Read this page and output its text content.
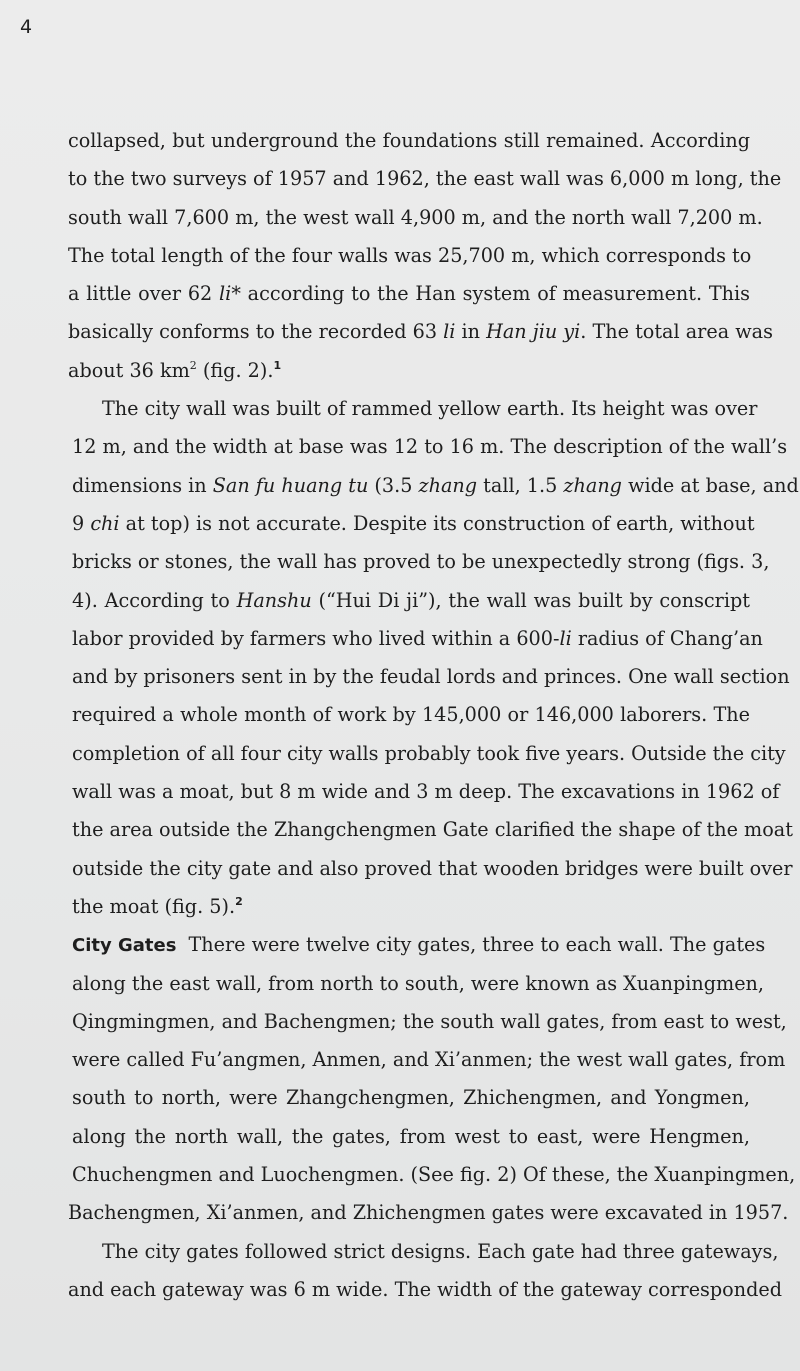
4
collapsed, but underground the foundations still remained. According
to the two surveys of 1957 and 1962, the east wall was 6,000 m long, the
south wall 7,600 m, the west wall 4,900 m, and the north wall 7,200 m.
The total length of the four walls was 25,700 m, which corresponds to
a little over 62 li* according to the Han system of measurement. This
basically conforms to the recorded 63 li in Han jiu yi. The total area was
about 36 $km^2$ (fig. 2).$^1$
The city wall was built of rammed yellow earth. Its height was over
12 m, and the width at base was 12 to 16 m. The description of the wall’s
dimensions in San fu huang tu (3.5 zhang tall, 1.5 zhang wide at base, and
9 chi at top) is not accurate. Despite its construction of earth, without
bricks or stones, the wall has proved to be unexpectedly strong (figs. 3,
4). According to Hanshu (“Hui Di ji”), the wall was built by conscript
labor provided by farmers who lived within a 600-li radius of Chang’an
and by prisoners sent in by the feudal lords and princes. One wall section
required a whole month of work by 145,000 or 146,000 laborers. The
completion of all four city walls probably took five years. Outside the city
wall was a moat, but 8 m wide and 3 m deep. The excavations in 1962 of
the area outside the Zhangchengmen Gate clarified the shape of the moat
outside the city gate and also proved that wooden bridges were built over
the moat (fig. 5).$^2$
City Gates There were twelve city gates, three to each wall. The gates
along the east wall, from north to south, were known as Xuanpingmen,
Qingmingmen, and Bachengmen; the south wall gates, from east to west,
were called Fu’angmen, Anmen, and Xi’anmen; the west wall gates, from
south to north, were Zhangchengmen, Zhichengmen, and Yongmen,
along the north wall, the gates, from west to east, were Hengmen,
Chuchengmen and Luochengmen. (See fig. 2) Of these, the Xuanpingmen,
Bachengmen, Xi’anmen, and Zhichengmen gates were excavated in 1957.
The city gates followed strict designs. Each gate had three gateways,
and each gateway was 6 m wide. The width of the gateway corresponded
